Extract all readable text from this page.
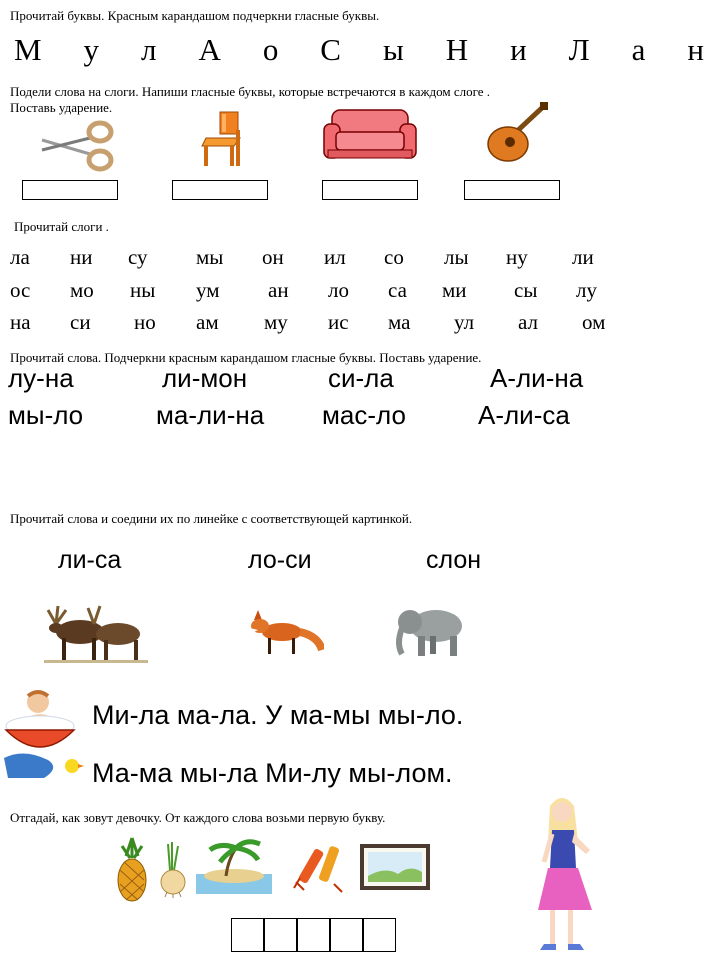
Прочитай буквы. Красным карандашом подчеркни гласные буквы.
М у л А о С ы Н и Л а н
Подели слова на слоги. Напиши гласные буквы, которые встречаются в каждом слоге .
Поставь ударение.
Прочитай слоги .
ла ни су мы он ил со лы ну ли
ос мо ны ум ан ло са ми сы лу
на си но ам му ис ма ул ал ом
Прочитай слова. Подчеркни красным карандашом гласные буквы. Поставь ударение.
лу-на	ли-мон	си-ла	А-ли-на
мы-ло	ма-ли-на мас-ло	А-ли-са
Прочитай слова и соедини их по линейке с соответствующей картинкой.
ли-са	ло-си	слон
Ми-ла ма-ла. У ма-мы мы-ло.
Ма-ма мы-ла Ми-лу мы-лом.
Отгадай, как зовут девочку. От каждого слова возьми первую букву.
